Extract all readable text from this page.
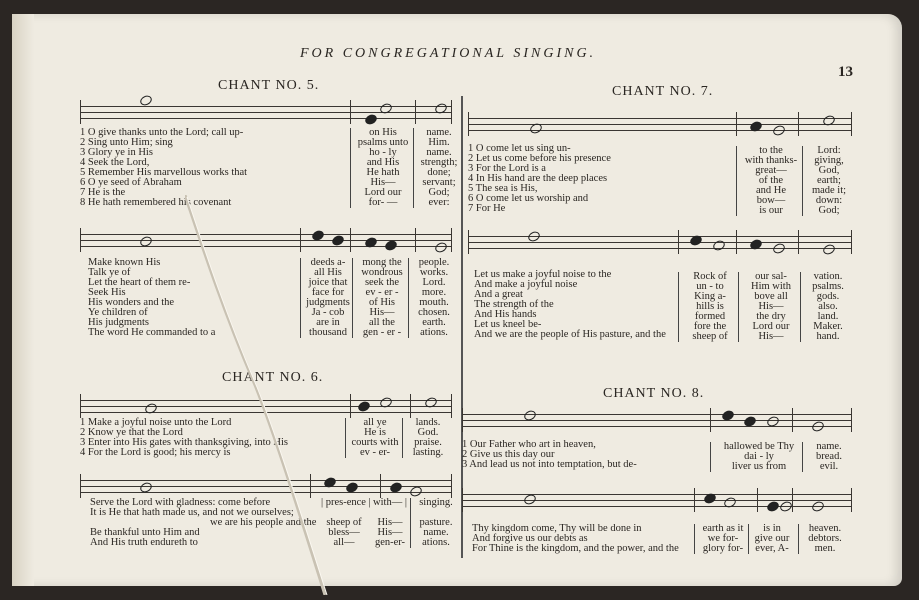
FOR CONGREGATIONAL SINGING.
13
CHANT NO. 5.
1 O give thanks unto the Lord; call up-
2 Sing unto Him; sing
3 Glory ye in His
4 Seek the Lord,
5 Remember His marvellous works that
6 O ye seed of Abraham
7 He is the
8 He hath remembered his covenant
on His
psalms unto
ho - ly
and His
He hath
His—
Lord our
for- —
name.
Him.
name.
strength;
done;
servant;
God;
ever:
Make known His
Talk ye of
Let the heart of them re-
Seek His
His wonders and the
Ye children of
His judgments
The word He commanded to a
deeds a-
all His
joice that
face for
judgments
Ja - cob
are in
thousand
mong the
wondrous
seek the
ev - er -
of His
His—
all the
gen - er -
people.
works.
Lord.
more.
mouth.
chosen.
earth.
ations.
CHANT NO. 6.
1 Make a joyful noise unto the Lord
2 Know ye that the Lord
3 Enter into His gates with thanksgiving, into His
4 For the Lord is good; his mercy is
all ye
He is
courts with
ev - er-
lands.
God.
praise.
lasting.
Serve the Lord with gladness: come before
It is He that hath made us, and not we ourselves;
we are his people and the
Be thankful unto Him and
And His truth endureth to
| pres-ence |
sheep of
bless—
all—
with— |
His—
His—
gen-er-
singing.
pasture.
name.
ations.
CHANT NO. 7.
1 O come let us sing un-
2 Let us come before his presence
3 For the Lord is a
4 In His hand are the deep places
5 The sea is His,
6 O come let us worship and
7 For He
to the
with thanks-
great—
of the
and He
bow—
is our
Lord:
giving,
God,
earth;
made it;
down:
God;
Let us make a joyful noise to the
And make a joyful noise
And a great
The strength of the
And His hands
Let us kneel be-
And we are the people of His pasture, and the
Rock of
un - to
King a-
hills is
formed
fore the
sheep of
our sal-
Him with
bove all
His—
the dry
Lord our
His—
vation.
psalms.
gods.
also.
land.
Maker.
hand.
CHANT NO. 8.
1 Our Father who art in heaven,
2 Give us this day our
3 And lead us not into temptation, but de-
hallowed be Thy
dai - ly
liver us from
name.
bread.
evil.
Thy kingdom come, Thy will be done in
And forgive us our debts as
For Thine is the kingdom, and the power, and the
earth as it
we for-
glory for-
is in
give our
ever, A-
heaven.
debtors.
men.
